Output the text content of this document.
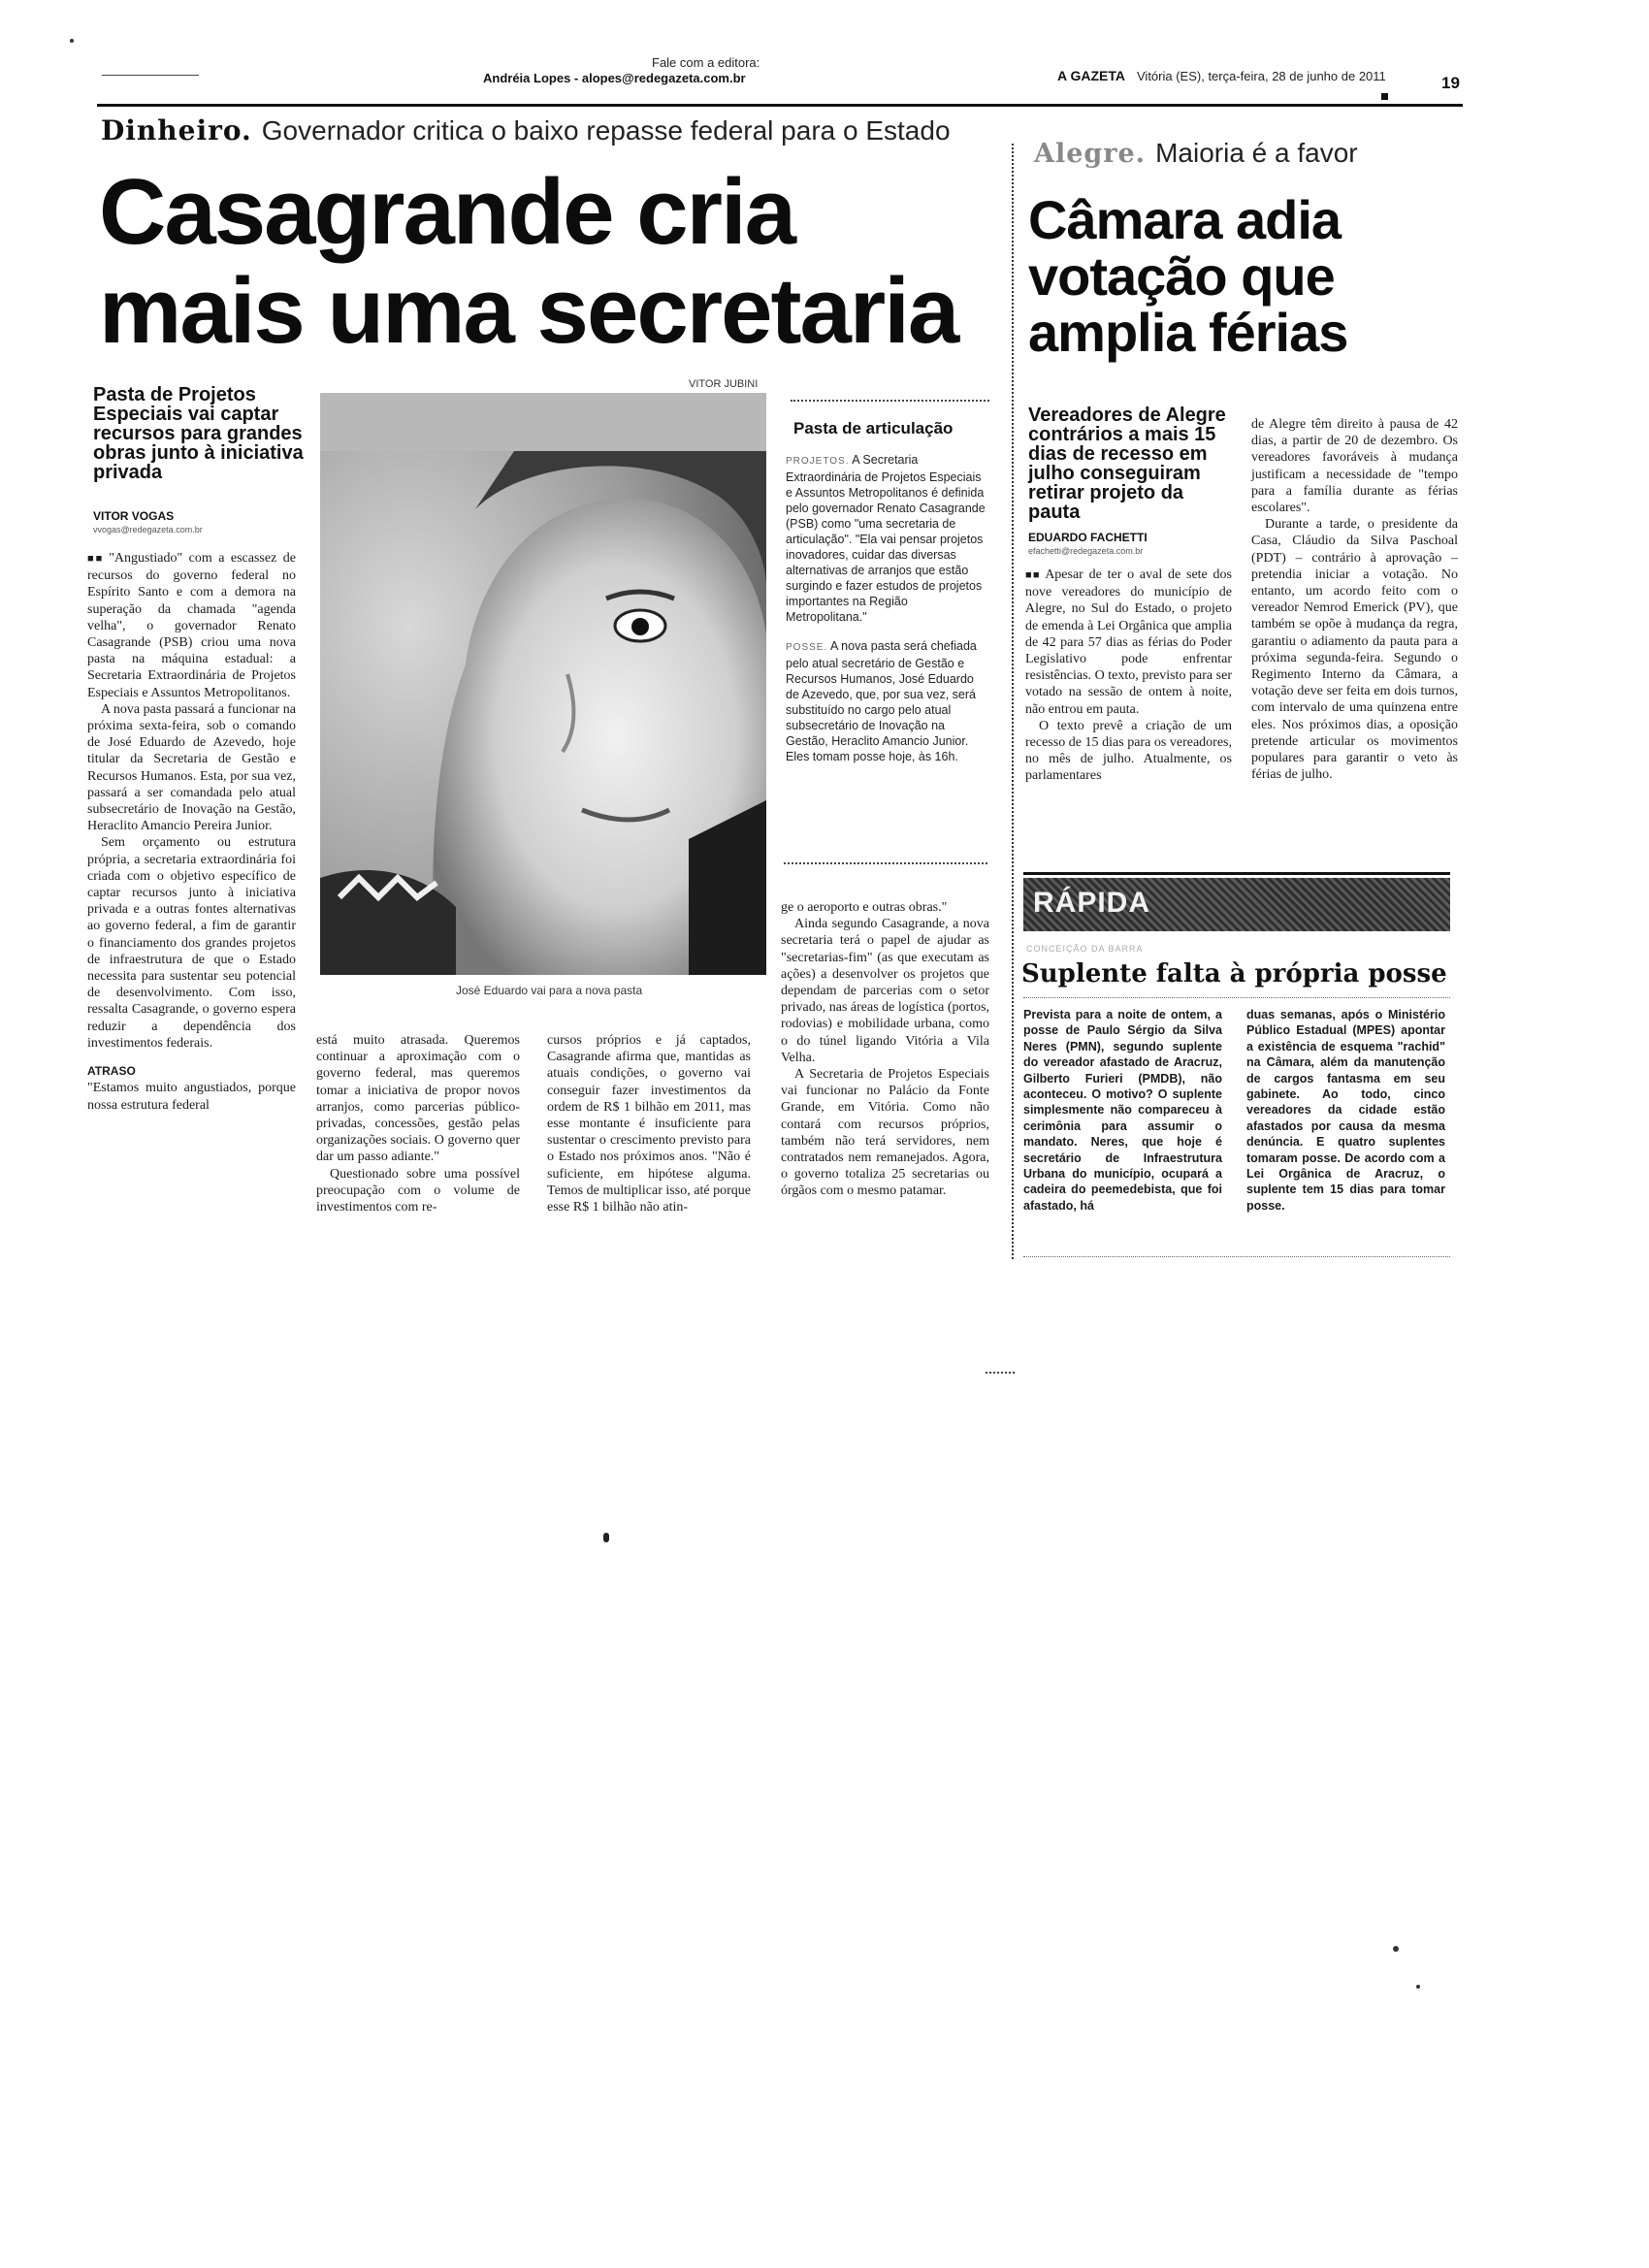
Fale com a editora:
Andréia Lopes - alopes@redegazeta.com.br	A GAZETA Vitória (ES), terça-feira, 28 de junho de 2011	19
Dinheiro. Governador critica o baixo repasse federal para o Estado
Casagrande cria
mais uma secretaria
Alegre. Maioria é a favor
Câmara adia
votação que
amplia férias
Pasta de Projetos Especiais vai captar recursos para grandes obras junto à iniciativa privada
VITOR VOGAS
vvogas@redegazeta.com.br
VITOR JUBINI
José Eduardo vai para a nova pasta
Pasta de articulação
PROJETOS. A Secretaria Extraordinária de Projetos Especiais e Assuntos Metropolitanos é definida pelo governador Renato Casagrande (PSB) como "uma secretaria de articulação". "Ela vai pensar projetos inovadores, cuidar das diversas alternativas de arranjos que estão surgindo e fazer estudos de projetos importantes na Região Metropolitana."
POSSE. A nova pasta será chefiada pelo atual secretário de Gestão e Recursos Humanos, José Eduardo de Azevedo, que, por sua vez, será substituído no cargo pelo atual subsecretário de Inovação na Gestão, Heraclito Amancio Junior. Eles tomam posse hoje, às 16h.

■■ "Angustiado" com a escassez de recursos do governo federal no Espírito Santo e com a demora na superação da chamada "agenda velha", o governador Renato Casagrande (PSB) criou uma nova pasta na máquina estadual: a Secretaria Extraordinária de Projetos Especiais e Assuntos Metropolitanos.

A nova pasta passará a funcionar na próxima sexta-feira, sob o comando de José Eduardo de Azevedo, hoje titular da Secretaria de Gestão e Recursos Humanos. Esta, por sua vez, passará a ser comandada pelo atual subsecretário de Inovação na Gestão, Heraclito Amancio Pereira Junior.

Sem orçamento ou estrutura própria, a secretaria extraordinária foi criada com o objetivo específico de captar recursos junto à iniciativa privada e a outras fontes alternativas ao governo federal, a fim de garantir o financiamento dos grandes projetos de infraestrutura de que o Estado necessita para sustentar seu potencial de desenvolvimento. Com isso, ressalta Casagrande, o governo espera reduzir a dependência dos investimentos federais.

ATRASO

"Estamos muito angustiados, porque nossa estrutura federal

está muito atrasada. Queremos continuar a aproximação com o governo federal, mas queremos tomar a iniciativa de propor novos arranjos, como parcerias público-privadas, concessões, gestão pelas organizações sociais. O governo quer dar um passo adiante."

Questionado sobre uma possível preocupação com o volume de investimentos com re-

cursos próprios e já captados, Casagrande afirma que, mantidas as atuais condições, o governo vai conseguir fazer investimentos da ordem de R$ 1 bilhão em 2011, mas esse montante é insuficiente para sustentar o crescimento previsto para o Estado nos próximos anos. "Não é suficiente, em hipótese alguma. Temos de multiplicar isso, até porque esse R$ 1 bilhão não atin-

ge o aeroporto e outras obras."

Ainda segundo Casagrande, a nova secretaria terá o papel de ajudar as "secretarias-fim" (as que executam as ações) a desenvolver os projetos que dependam de parcerias com o setor privado, nas áreas de logística (portos, rodovias) e mobilidade urbana, como o do túnel ligando Vitória a Vila Velha.

A Secretaria de Projetos Especiais vai funcionar no Palácio da Fonte Grande, em Vitória. Como não contará com recursos próprios, também não terá servidores, nem contratados nem remanejados. Agora, o governo totaliza 25 secretarias ou órgãos com o mesmo patamar.

Vereadores de Alegre contrários a mais 15 dias de recesso em julho conseguiram retirar projeto da pauta
EDUARDO FACHETTI
efachetti@redegazeta.com.br

■■ Apesar de ter o aval de sete dos nove vereadores do município de Alegre, no Sul do Estado, o projeto de emenda à Lei Orgânica que amplia de 42 para 57 dias as férias do Poder Legislativo pode enfrentar resistências. O texto, previsto para ser votado na sessão de ontem à noite, não entrou em pauta.

O texto prevê a criação de um recesso de 15 dias para os vereadores, no mês de julho. Atualmente, os parlamentares

de Alegre têm direito à pausa de 42 dias, a partir de 20 de dezembro. Os vereadores favoráveis à mudança justificam a necessidade de "tempo para a família durante as férias escolares".

Durante a tarde, o presidente da Casa, Cláudio da Silva Paschoal (PDT) – contrário à aprovação – pretendia iniciar a votação. No entanto, um acordo feito com o vereador Nemrod Emerick (PV), que também se opõe à mudança da regra, garantiu o adiamento da pauta para a próxima segunda-feira. Segundo o Regimento Interno da Câmara, a votação deve ser feita em dois turnos, com intervalo de uma quinzena entre eles. Nos próximos dias, a oposição pretende articular os movimentos populares para garantir o veto às férias de julho.

RÁPIDA
CONCEIÇÃO DA BARRA
Suplente falta à própria posse
Prevista para a noite de ontem, a posse de Paulo Sérgio da Silva Neres (PMN), segundo suplente do vereador afastado de Aracruz, Gilberto Furieri (PMDB), não aconteceu. O motivo? O suplente simplesmente não compareceu à cerimônia para assumir o mandato. Neres, que hoje é secretário de Infraestrutura Urbana do município, ocupará a cadeira do peemedebista, que foi afastado, há
duas semanas, após o Ministério Público Estadual (MPES) apontar a existência de esquema "rachid" na Câmara, além da manutenção de cargos fantasma em seu gabinete. Ao todo, cinco vereadores da cidade estão afastados por causa da mesma denúncia. E quatro suplentes tomaram posse. De acordo com a Lei Orgânica de Aracruz, o suplente tem 15 dias para tomar posse.
